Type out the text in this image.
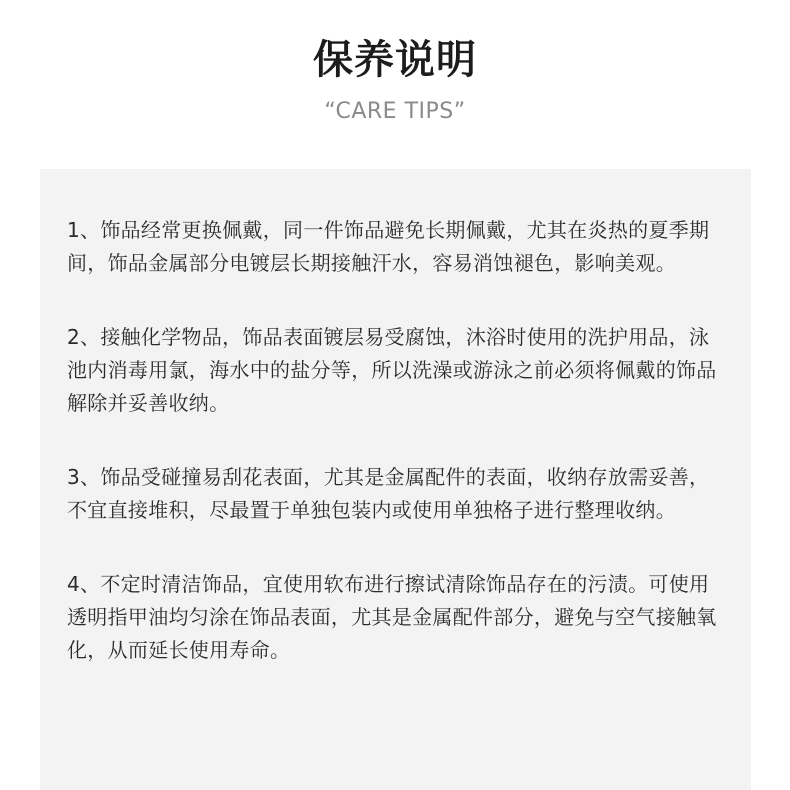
保养说明
“CARE TIPS”
1、饰品经常更换佩戴，同一件饰品避免长期佩戴，尤其在炎热的夏季期间，饰品金属部分电镀层长期接触汗水，容易消蚀褪色，影响美观。
2、接触化学物品，饰品表面镀层易受腐蚀，沐浴时使用的洗护用品，泳池内消毒用氯，海水中的盐分等，所以洗澡或游泳之前必须将佩戴的饰品解除并妥善收纳。
3、饰品受碰撞易刮花表面，尤其是金属配件的表面，收纳存放需妥善，不宜直接堆积，尽最置于单独包装内或使用单独格子进行整理收纳。
4、不定时清洁饰品，宜使用软布进行擦试清除饰品存在的污渍。可使用透明指甲油均匀涂在饰品表面，尤其是金属配件部分，避免与空气接触氧化，从而延长使用寿命。
